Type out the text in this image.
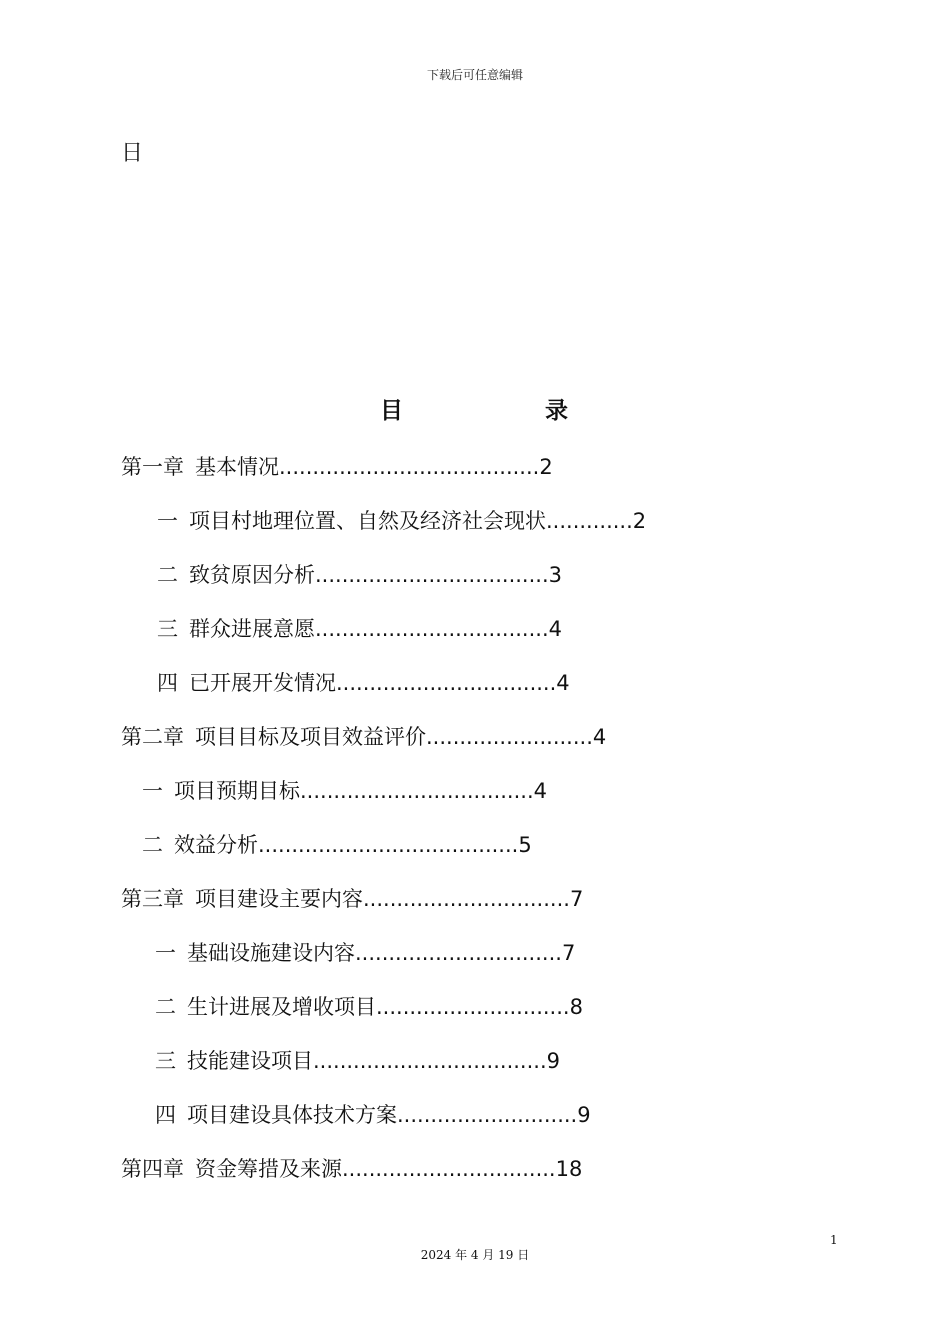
下载后可任意编辑
日
目	录
第一章 基本情况.......................................2
一 项目村地理位置、自然及经济社会现状.............2
二 致贫原因分析...................................3
三 群众进展意愿...................................4
四 已开展开发情况.................................4
第二章 项目目标及项目效益评价.........................4
一 项目预期目标...................................4
二 效益分析.......................................5
第三章 项目建设主要内容...............................7
一 基础设施建设内容...............................7
二 生计进展及增收项目.............................8
三 技能建设项目...................................9
四 项目建设具体技术方案...........................9
第四章 资金筹措及来源................................18
1
2024 年 4 月 19 日
